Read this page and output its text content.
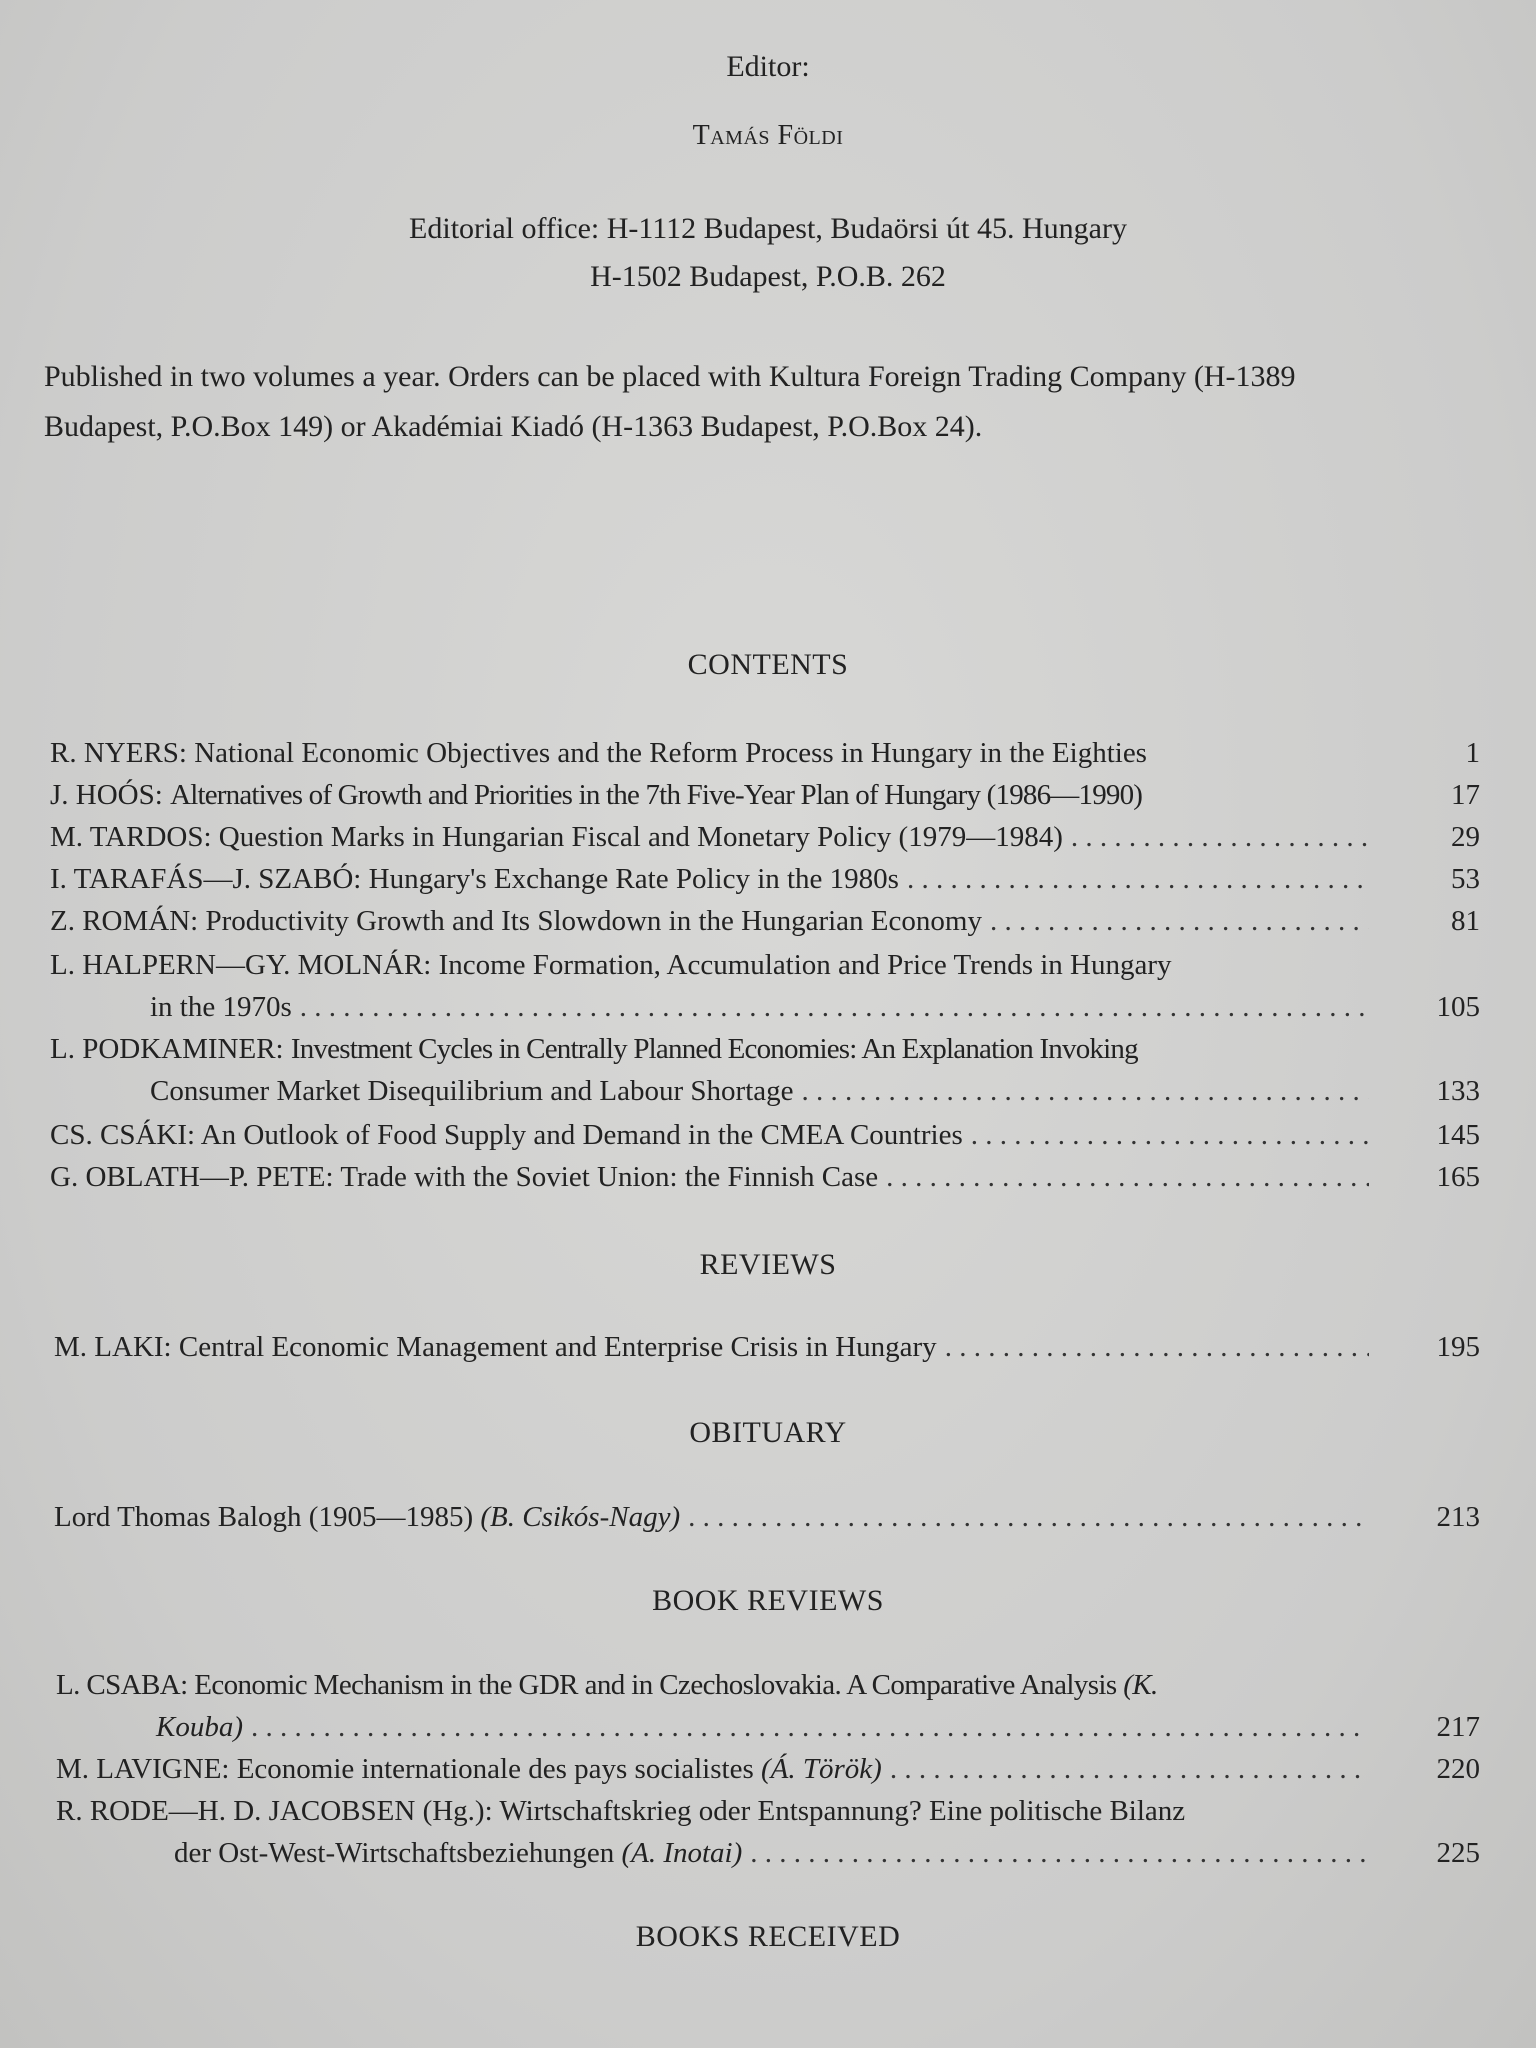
Editor:
Tamás Földi
Editorial office: H-1112 Budapest, Budaörsi út 45. Hungary
H-1502 Budapest, P.O.B. 262
Published in two volumes a year. Orders can be placed with Kultura Foreign Trading Company (H-1389
Budapest, P.O.Box 149) or Akadémiai Kiadó (H-1363 Budapest, P.O.Box 24).
CONTENTS
R. NYERS: National Economic Objectives and the Reform Process in Hungary in the Eighties	1
J. HOÓS: Alternatives of Growth and Priorities in the 7th Five-Year Plan of Hungary (1986—1990)	17
M. TARDOS: Question Marks in Hungarian Fiscal and Monetary Policy (1979—1984) . . .	29
I. TARAFÁS—J. SZABÓ: Hungary's Exchange Rate Policy in the 1980s . . .	53
Z. ROMÁN: Productivity Growth and Its Slowdown in the Hungarian Economy . . .	81
L. HALPERN—GY. MOLNÁR: Income Formation, Accumulation and Price Trends in Hungary
in the 1970s . . .	105
L. PODKAMINER: Investment Cycles in Centrally Planned Economies: An Explanation Invoking
Consumer Market Disequilibrium and Labour Shortage . . .	133
CS. CSÁKI: An Outlook of Food Supply and Demand in the CMEA Countries . . .	145
G. OBLATH—P. PETE: Trade with the Soviet Union: the Finnish Case . . .	165
REVIEWS
M. LAKI: Central Economic Management and Enterprise Crisis in Hungary . . .	195
OBITUARY
Lord Thomas Balogh (1905—1985) (B. Csikós-Nagy) . . .	213
BOOK REVIEWS
L. CSABA: Economic Mechanism in the GDR and in Czechoslovakia. A Comparative Analysis (K.
Kouba) . . .	217
M. LAVIGNE: Economie internationale des pays socialistes (Á. Török) . . .	220
R. RODE—H. D. JACOBSEN (Hg.): Wirtschaftskrieg oder Entspannung? Eine politische Bilanz
der Ost-West-Wirtschaftsbeziehungen (A. Inotai) . . .	225
BOOKS RECEIVED
